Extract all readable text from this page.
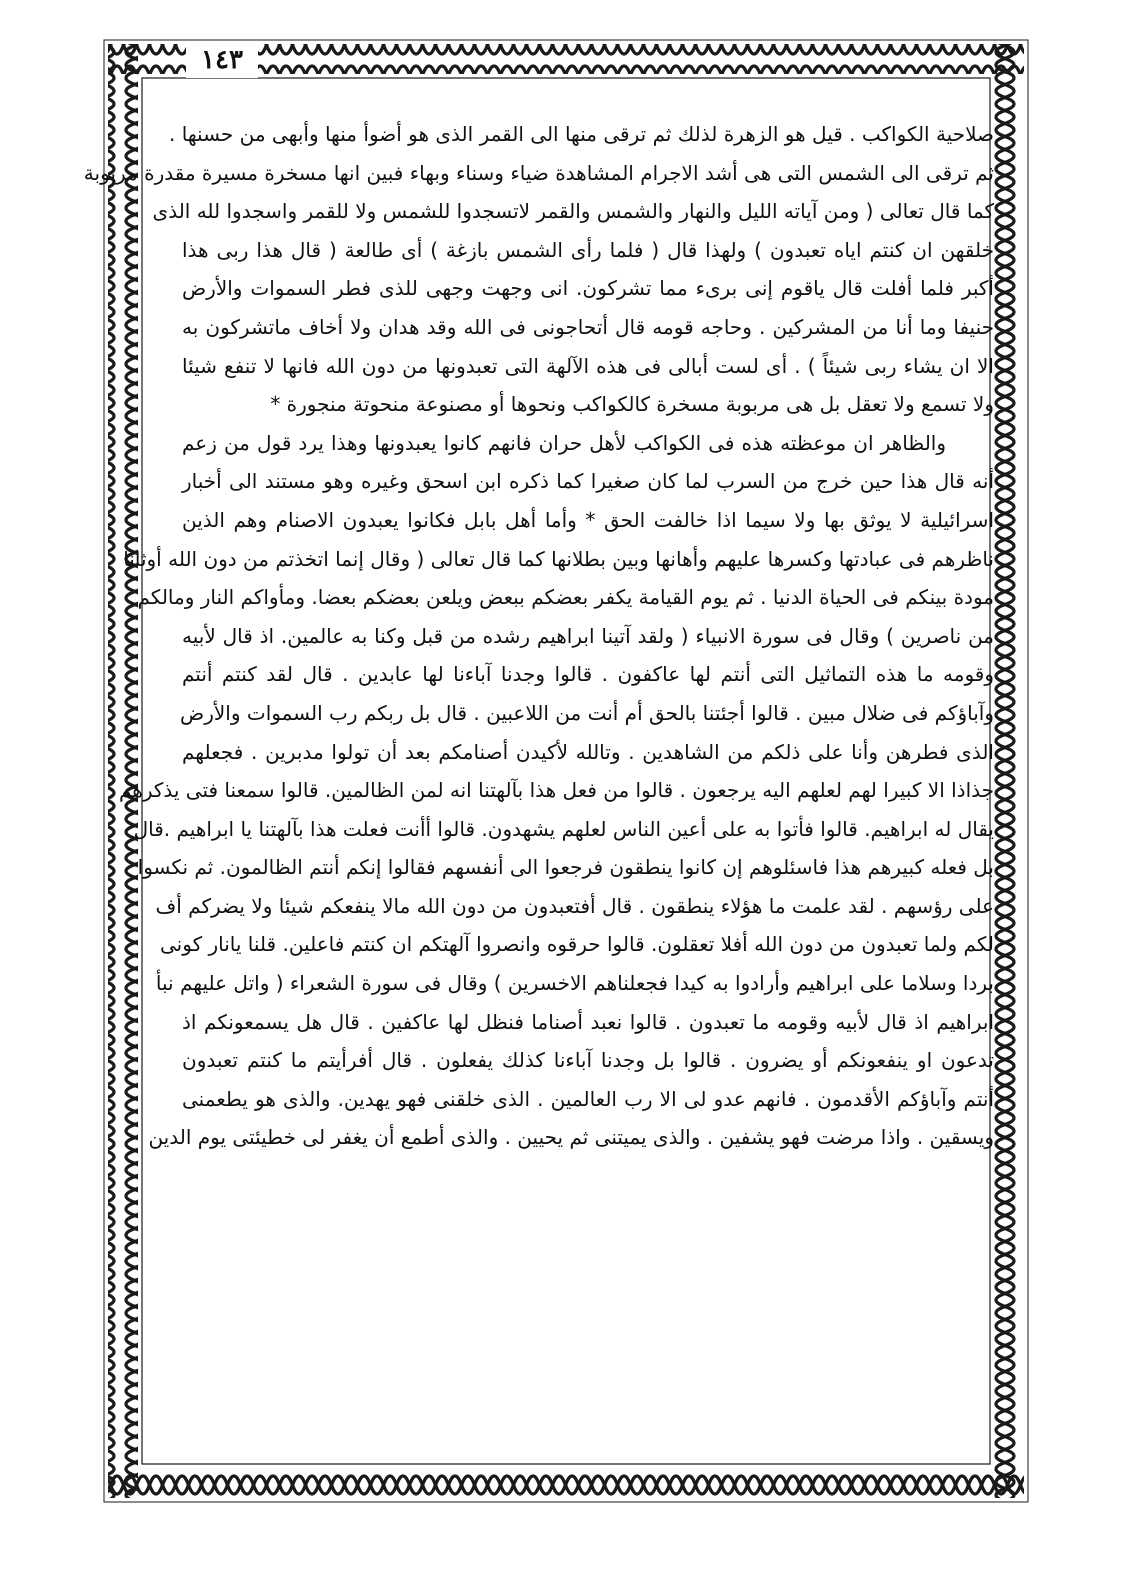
١٤٣
صلاحية الكواكب . قيل هو الزهرة لذلك ثم ترقى منها الى القمر الذى هو أضوأ منها وأبهى من حسنها .
ثم ترقى الى الشمس التى هى أشد الاجرام المشاهدة ضياء وسناء وبهاء فبين انها مسخرة مسيرة مقدرة مربوبة
كما قال تعالى ( ومن آياته الليل والنهار والشمس والقمر لاتسجدوا للشمس ولا للقمر واسجدوا لله الذى
خلقهن ان كنتم اياه تعبدون ) ولهذا قال ( فلما رأى الشمس بازغة ) أى طالعة ( قال هذا ربى هذا
أكبر فلما أفلت قال ياقوم إنى برىء مما تشركون. انى وجهت وجهى للذى فطر السموات والأرض
حنيفا وما أنا من المشركين . وحاجه قومه قال أتحاجونى فى الله وقد هدان ولا أخاف ماتشركون به
الا ان يشاء ربى شيئاً ) . أى لست أبالى فى هذه الآلهة التى تعبدونها من دون الله فانها لا تنفع شيئا
ولا تسمع ولا تعقل بل هى مربوبة مسخرة كالكواكب ونحوها أو مصنوعة منحوتة منجورة *
والظاهر ان موعظته هذه فى الكواكب لأهل حران فانهم كانوا يعبدونها وهذا يرد قول من زعم
أنه قال هذا حين خرج من السرب لما كان صغيرا كما ذكره ابن اسحق وغيره وهو مستند الى أخبار
اسرائيلية لا يوثق بها ولا سيما اذا خالفت الحق * وأما أهل بابل فكانوا يعبدون الاصنام وهم الذين
ناظرهم فى عبادتها وكسرها عليهم وأهانها وبين بطلانها كما قال تعالى ( وقال إنما اتخذتم من دون الله أوثانا
مودة بينكم فى الحياة الدنيا . ثم يوم القيامة يكفر بعضكم ببعض ويلعن بعضكم بعضا. ومأواكم النار ومالكم
من ناصرين ) وقال فى سورة الانبياء ( ولقد آتينا ابراهيم رشده من قبل وكنا به عالمين. اذ قال لأبيه
وقومه ما هذه التماثيل التى أنتم لها عاكفون . قالوا وجدنا آباءنا لها عابدين . قال لقد كنتم أنتم
وآباؤكم فى ضلال مبين . قالوا أجئتنا بالحق أم أنت من اللاعبين . قال بل ربكم رب السموات والأرض
الذى فطرهن وأنا على ذلكم من الشاهدين . وتالله لأكيدن أصنامكم بعد أن تولوا مدبرين . فجعلهم
جذاذا الا كبيرا لهم لعلهم اليه يرجعون . قالوا من فعل هذا بآلهتنا انه لمن الظالمين. قالوا سمعنا فتى يذكرهم
يقال له ابراهيم. قالوا فأتوا به على أعين الناس لعلهم يشهدون. قالوا أأنت فعلت هذا بآلهتنا يا ابراهيم .قال
بل فعله كبيرهم هذا فاسئلوهم إن كانوا ينطقون فرجعوا الى أنفسهم فقالوا إنكم أنتم الظالمون. ثم نكسوا
على رؤسهم . لقد علمت ما هؤلاء ينطقون . قال أفتعبدون من دون الله مالا ينفعكم شيئا ولا يضركم أف
لكم ولما تعبدون من دون الله أفلا تعقلون. قالوا حرقوه وانصروا آلهتكم ان كنتم فاعلين. قلنا يانار كونى
بردا وسلاما على ابراهيم وأرادوا به كيدا فجعلناهم الاخسرين ) وقال فى سورة الشعراء ( واتل عليهم نبأ
ابراهيم اذ قال لأبيه وقومه ما تعبدون . قالوا نعبد أصناما فنظل لها عاكفين . قال هل يسمعونكم اذ
تدعون او ينفعونكم أو يضرون . قالوا بل وجدنا آباءنا كذلك يفعلون . قال أفرأيتم ما كنتم تعبدون
أنتم وآباؤكم الأقدمون . فانهم عدو لى الا رب العالمين . الذى خلقنى فهو يهدين. والذى هو يطعمنى
ويسقين . واذا مرضت فهو يشفين . والذى يميتنى ثم يحيين . والذى أطمع أن يغفر لى خطيئتى يوم الدين
